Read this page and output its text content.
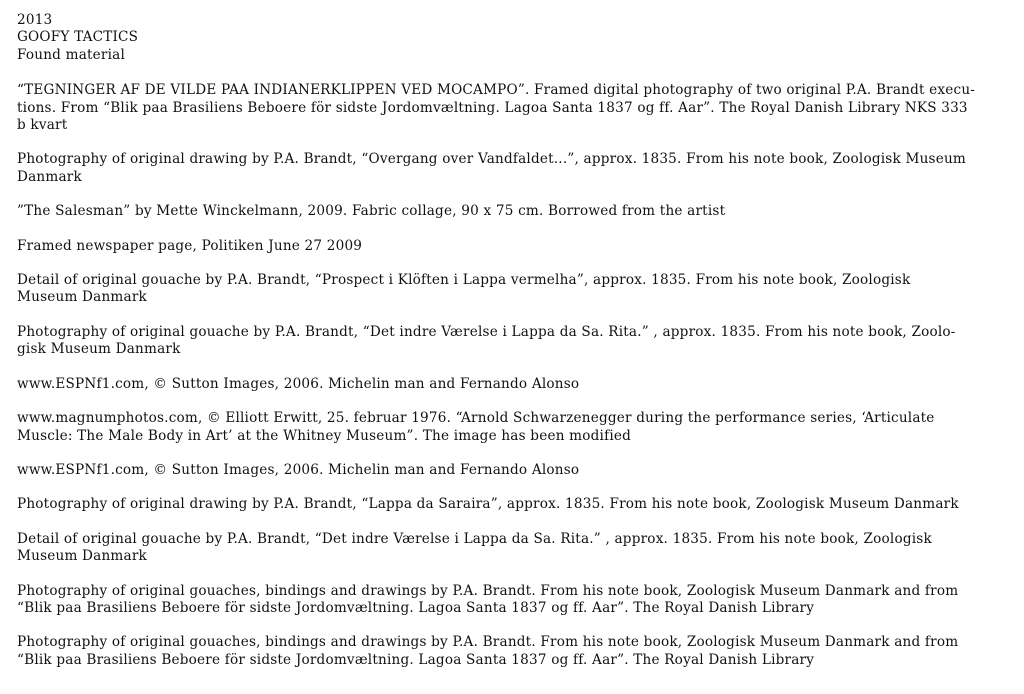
2013
GOOFY TACTICS
Found material

“TEGNINGER AF DE VILDE PAA INDIANERKLIPPEN VED MOCAMPO”. Framed digital photography of two original P.A. Brandt execu-
tions. From “Blik paa Brasiliens Beboere för sidste Jordomvæltning. Lagoa Santa 1837 og ff. Aar”. The Royal Danish Library NKS 333
b kvart

Photography of original drawing by P.A. Brandt, “Overgang over Vandfaldet...”, approx. 1835. From his note book, Zoologisk Museum
Danmark

”The Salesman” by Mette Winckelmann, 2009. Fabric collage, 90 x 75 cm. Borrowed from the artist

Framed newspaper page, Politiken June 27 2009

Detail of original gouache by P.A. Brandt, “Prospect i Klöften i Lappa vermelha”, approx. 1835. From his note book, Zoologisk
Museum Danmark

Photography of original gouache by P.A. Brandt, “Det indre Værelse i Lappa da Sa. Rita.” , approx. 1835. From his note book, Zoolo-
gisk Museum Danmark

www.ESPNf1.com, © Sutton Images, 2006. Michelin man and Fernando Alonso

www.magnumphotos.com, © Elliott Erwitt, 25. februar 1976. “Arnold Schwarzenegger during the performance series, ‘Articulate
Muscle: The Male Body in Art’ at the Whitney Museum”. The image has been modified

www.ESPNf1.com, © Sutton Images, 2006. Michelin man and Fernando Alonso

Photography of original drawing by P.A. Brandt, “Lappa da Saraira”, approx. 1835. From his note book, Zoologisk Museum Danmark

Detail of original gouache by P.A. Brandt, “Det indre Værelse i Lappa da Sa. Rita.” , approx. 1835. From his note book, Zoologisk
Museum Danmark

Photography of original gouaches, bindings and drawings by P.A. Brandt. From his note book, Zoologisk Museum Danmark and from
“Blik paa Brasiliens Beboere för sidste Jordomvæltning. Lagoa Santa 1837 og ff. Aar”. The Royal Danish Library

Photography of original gouaches, bindings and drawings by P.A. Brandt. From his note book, Zoologisk Museum Danmark and from
“Blik paa Brasiliens Beboere för sidste Jordomvæltning. Lagoa Santa 1837 og ff. Aar”. The Royal Danish Library
